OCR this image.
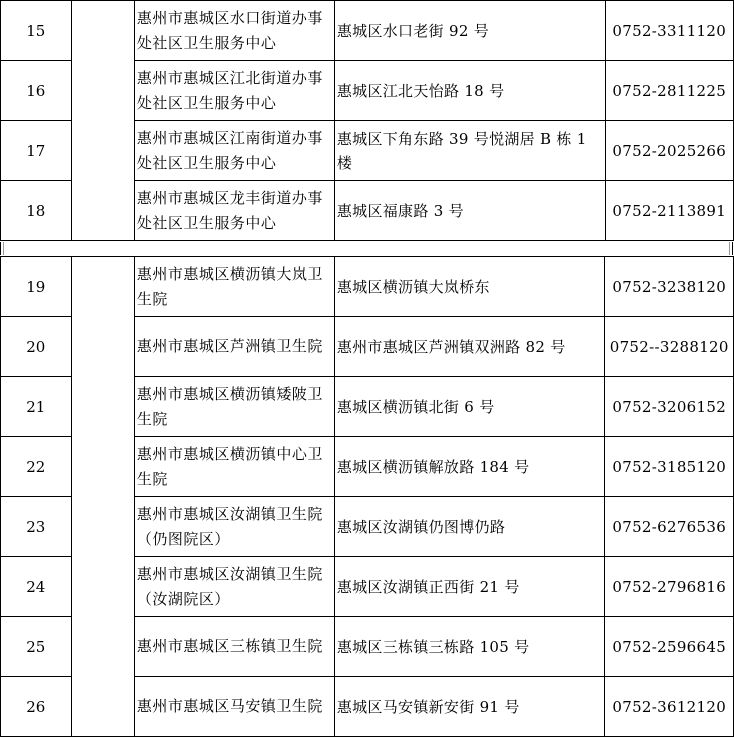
15		惠州市惠城区水口街道办事处社区卫生服务中心	惠城区水口老街 92 号	0752-3311120
16		惠州市惠城区江北街道办事处社区卫生服务中心	惠城区江北天怡路 18 号	0752-2811225
17		惠州市惠城区江南街道办事处社区卫生服务中心	惠城区下角东路 39 号悦湖居 B 栋 1 楼	0752-2025266
18		惠州市惠城区龙丰街道办事处社区卫生服务中心	惠城区福康路 3 号	0752-2113891
19		惠州市惠城区横沥镇大岚卫生院	惠城区横沥镇大岚桥东	0752-3238120
20		惠州市惠城区芦洲镇卫生院	惠州市惠城区芦洲镇双洲路 82 号	0752--3288120
21		惠州市惠城区横沥镇矮陂卫生院	惠城区横沥镇北街 6 号	0752-3206152
22		惠州市惠城区横沥镇中心卫生院	惠城区横沥镇解放路 184 号	0752-3185120
23		惠州市惠城区汝湖镇卫生院（仍图院区）	惠城区汝湖镇仍图博仍路	0752-6276536
24		惠州市惠城区汝湖镇卫生院（汝湖院区）	惠城区汝湖镇正西街 21 号	0752-2796816
25		惠州市惠城区三栋镇卫生院	惠城区三栋镇三栋路 105 号	0752-2596645
26		惠州市惠城区马安镇卫生院	惠城区马安镇新安街 91 号	0752-3612120
